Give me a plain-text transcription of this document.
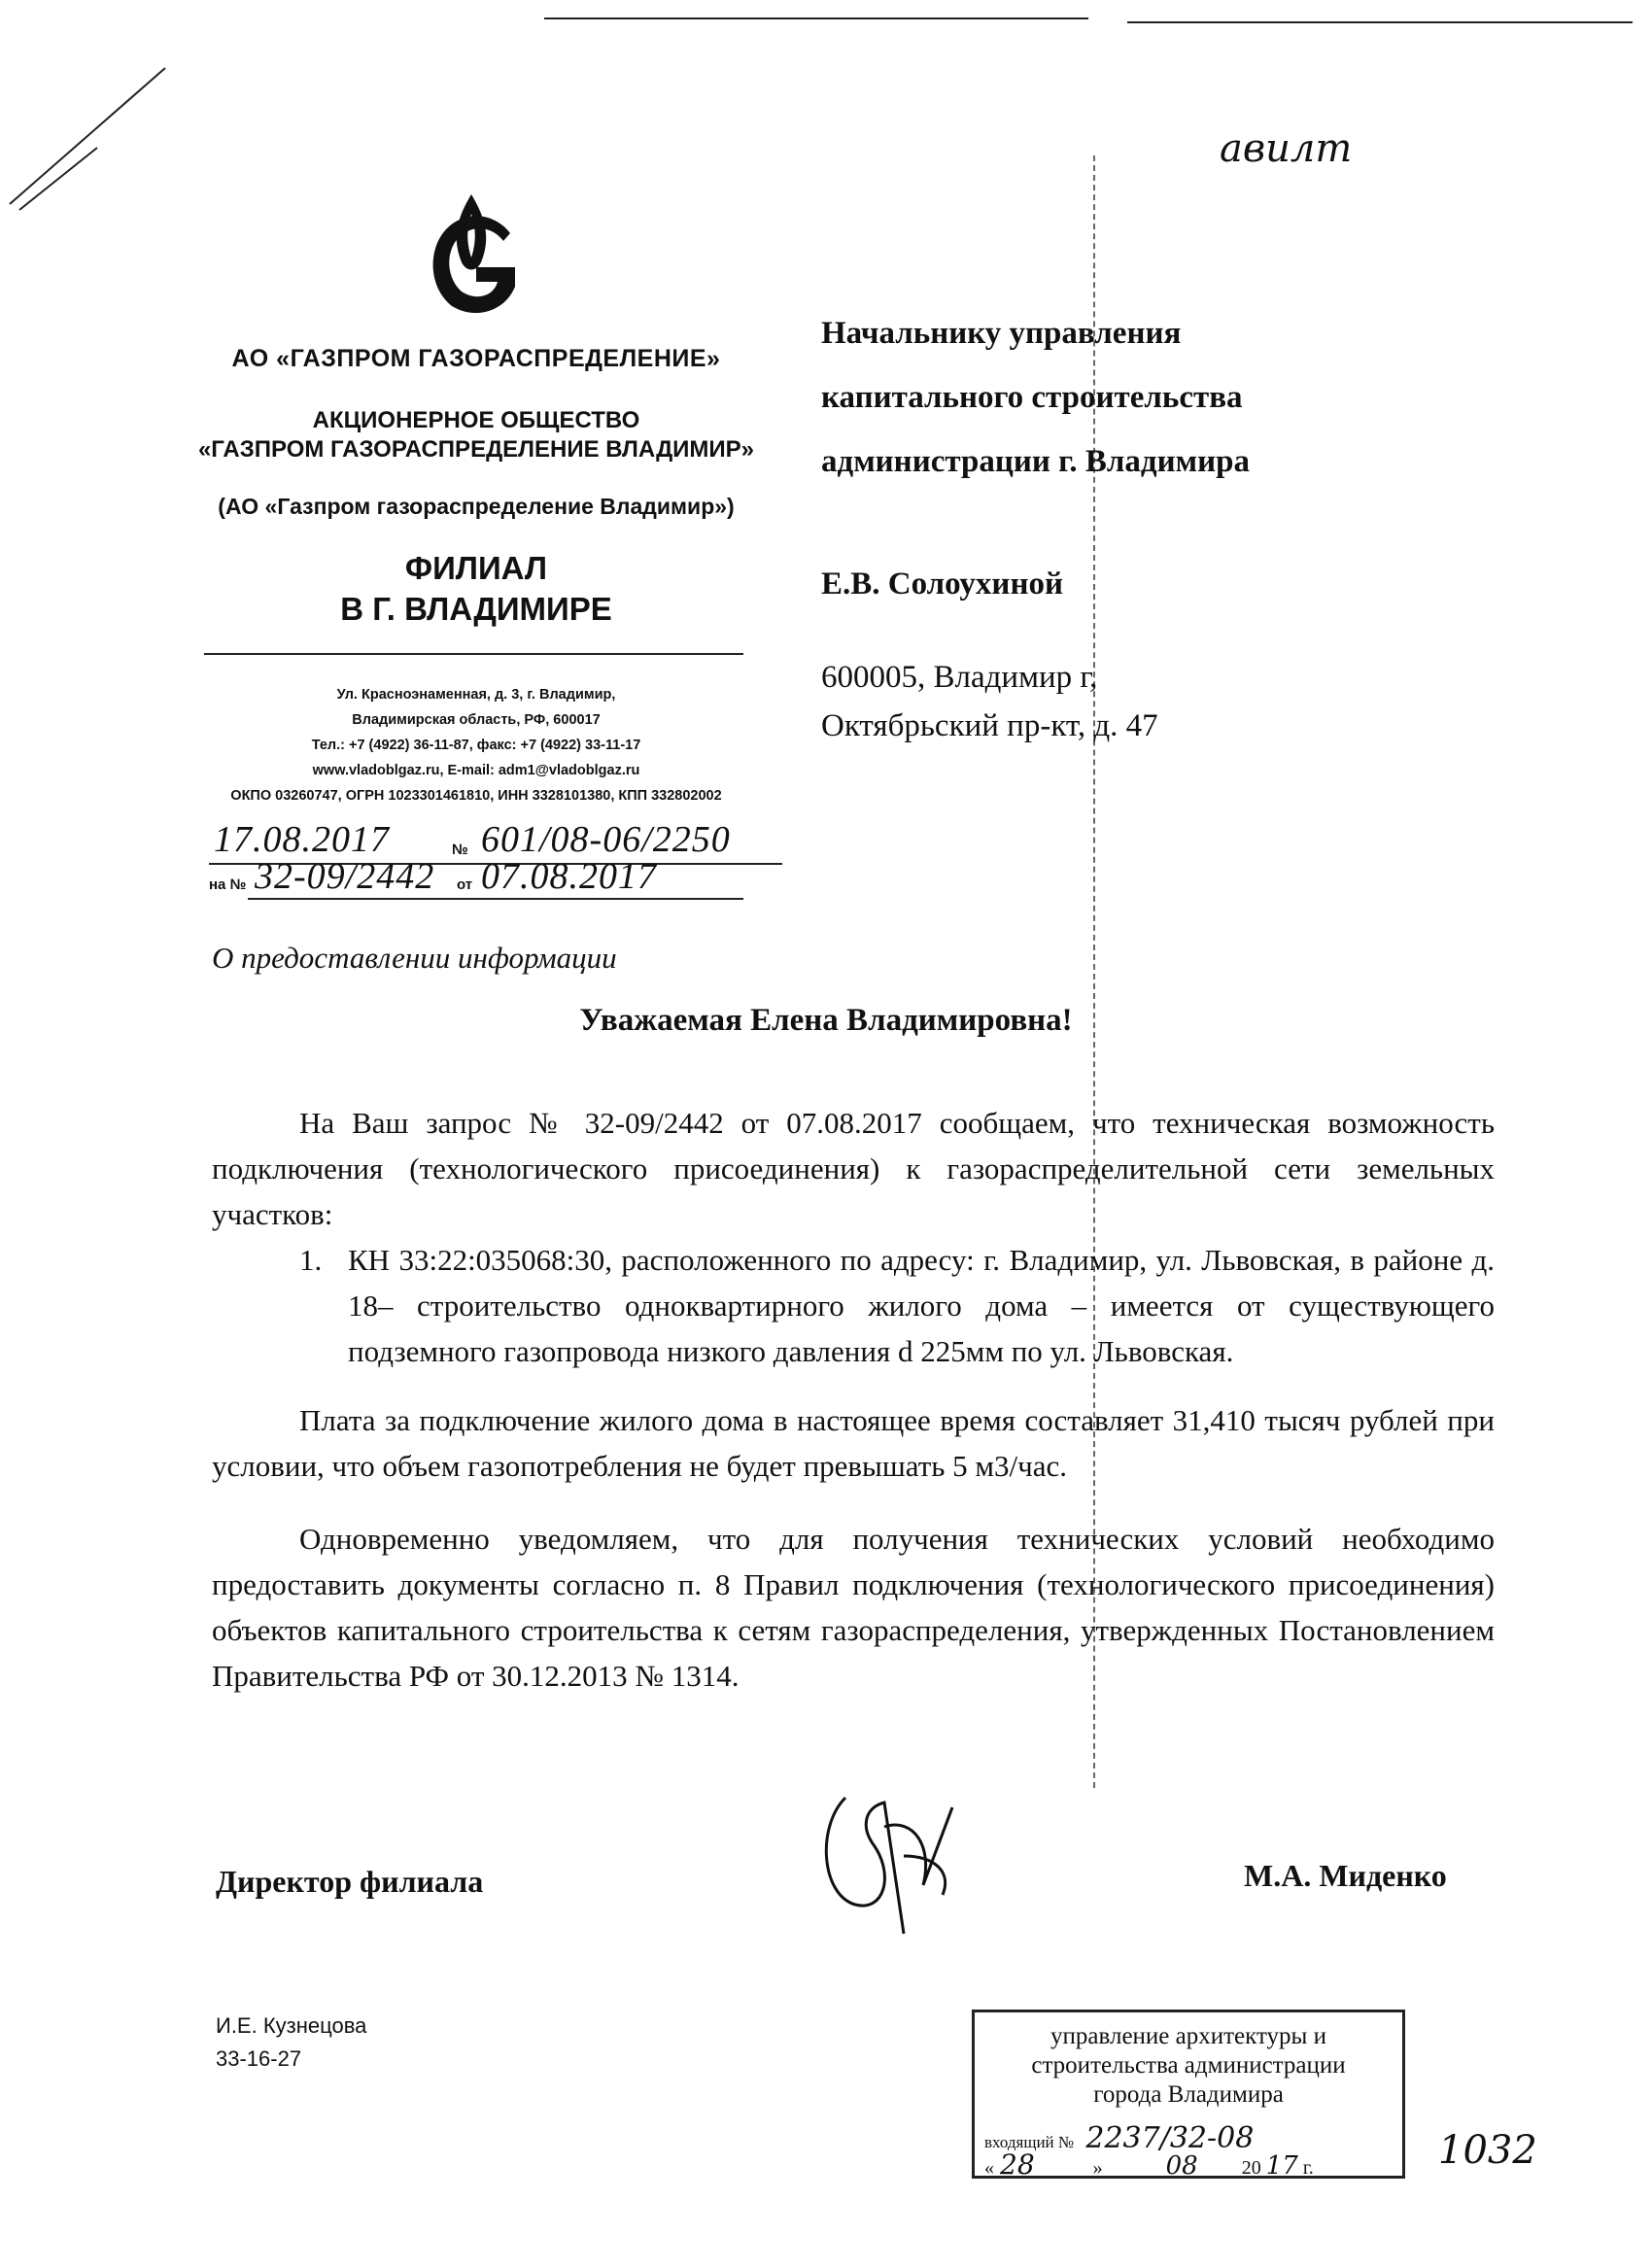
авилт
АО «ГАЗПРОМ ГАЗОРАСПРЕДЕЛЕНИЕ»
АКЦИОНЕРНОЕ ОБЩЕСТВО
«ГАЗПРОМ ГАЗОРАСПРЕДЕЛЕНИЕ ВЛАДИМИР»
(АО «Газпром газораспределение Владимир»)
ФИЛИАЛ
В Г. ВЛАДИМИРЕ
Ул. Красноэнаменная, д. 3, г. Владимир,
Владимирская область, РФ, 600017
Тел.: +7 (4922) 36-11-87, факс: +7 (4922) 33-11-17
www.vladoblgaz.ru, E-mail: adm1@vladoblgaz.ru
ОКПО 03260747, ОГРН 1023301461810, ИНН 3328101380, КПП 332802002
17.08.2017	№ 601/08-06/2250
на № 32-09/2442 от 07.08.2017
Начальнику управления
капитального строительства
администрации г. Владимира
Е.В. Солоухиной
600005, Владимир г,
Октябрьский пр-кт, д. 47
О предоставлении информации
Уважаемая Елена Владимировна!

На Ваш запрос № 32-09/2442 от 07.08.2017 сообщаем, что техническая возможность подключения (технологического присоединения) к газораспределительной сети земельных участков:

1. КН 33:22:035068:30, расположенного по адресу: г. Владимир, ул. Львовская, в районе д. 18– строительство одноквартирного жилого дома – имеется от существующего подземного газопровода низкого давления d 225мм по ул. Львовская.

Плата за подключение жилого дома в настоящее время составляет 31,410 тысяч рублей при условии, что объем газопотребления не будет превышать 5 м3/час.

Одновременно уведомляем, что для получения технических условий необходимо предоставить документы согласно п. 8 Правил подключения (технологического присоединения) объектов капитального строительства к сетям газораспределения, утвержденных Постановлением Правительства РФ от 30.12.2013 № 1314.

Директор филиала	М.А. Миденко
И.Е. Кузнецова
33-16-27
управление архитектуры и
строительства администрации
города Владимира
входящий № 2237/32-08
« 28	» 08 20 17 г.	1032
